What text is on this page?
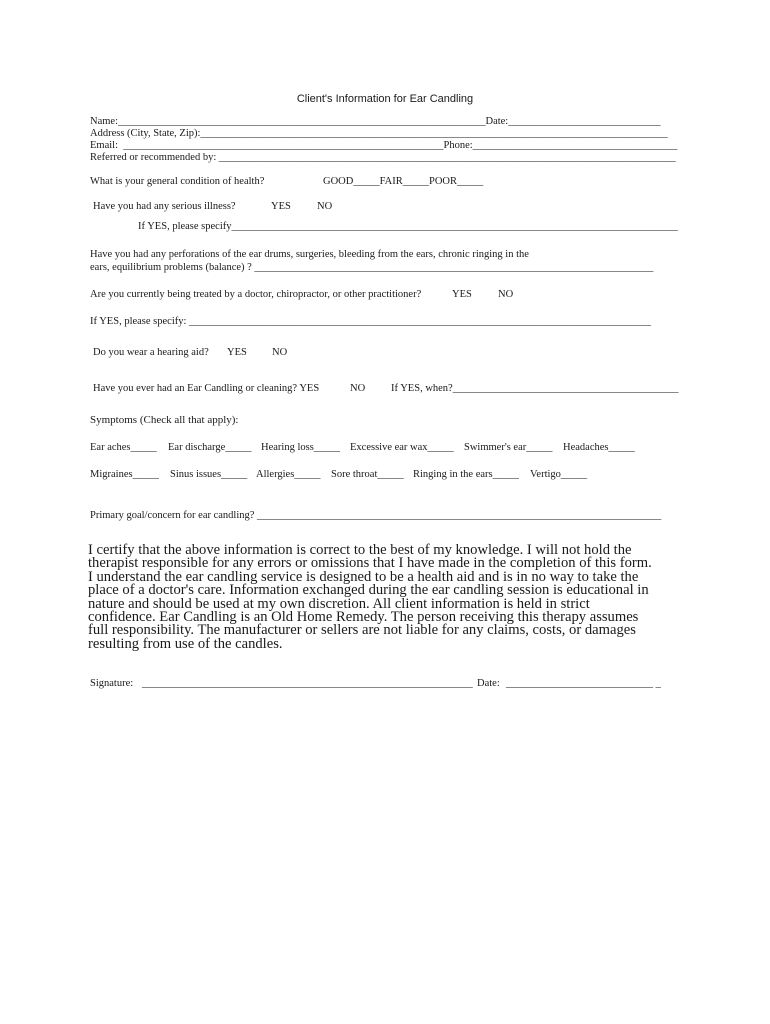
Client's Information for Ear Candling
Name:______________________________________________________________________Date:_____________________________
Address (City, State, Zip):_________________________________________________________________________________________
Email:  _____________________________________________________________Phone:_______________________________________
Referred or recommended by: _______________________________________________________________________________________
What is your general condition of health?	GOOD_____FAIR_____POOR_____
Have you had any serious illness?	YES NO
If YES, please specify_____________________________________________________________________________________
Have you had any perforations of the ear drums, surgeries, bleeding from the ears, chronic ringing in the
ears, equilibrium problems (balance) ? ____________________________________________________________________________
Are you currently being treated by a doctor, chiropractor, or other practitioner?	YES NO
If YES, please specify: ________________________________________________________________________________________
Do you wear a hearing aid? YES NO
Have you ever had an Ear Candling or cleaning? YES	NO If YES, when?___________________________________________
Symptoms (Check all that apply):
Ear aches_____ Ear discharge_____ Hearing loss_____ Excessive ear wax_____ Swimmer's ear_____ Headaches_____
Migraines_____ Sinus issues_____ Allergies_____ Sore throat_____ Ringing in the ears_____ Vertigo_____
Primary goal/concern for ear candling? _____________________________________________________________________________
I certify that the above information is correct to the best of my knowledge. I will not hold the
therapist responsible for any errors or omissions that I have made in the completion of this form.
I understand the ear candling service is designed to be a health aid and is in no way to take the
place of a doctor's care. Information exchanged during the ear candling session is educational in
nature and should be used at my own discretion. All client information is held in strict
confidence. Ear Candling is an Old Home Remedy. The person receiving this therapy assumes
full responsibility. The manufacturer or sellers are not liable for any claims, costs, or damages
resulting from use of the candles.
Signature: _______________________________________________________________ Date: ____________________________ _
